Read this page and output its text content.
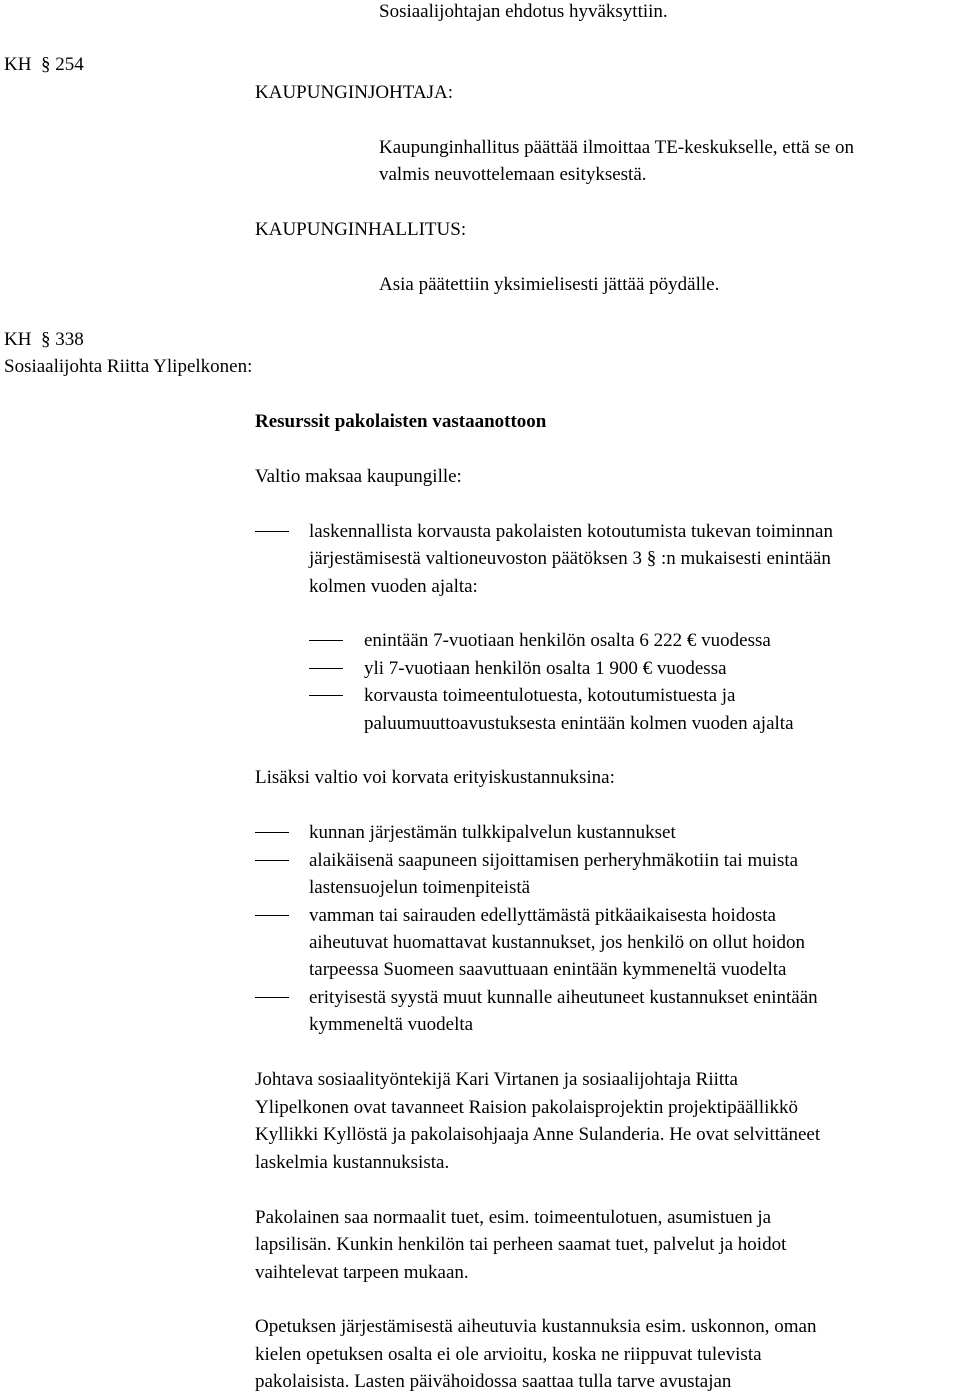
Sosiaalijohtajan ehdotus hyväksyttiin.
KH § 254
KAUPUNGINJOHTAJA:
Kaupunginhallitus päättää ilmoittaa TE-keskukselle, että se on
valmis neuvottelemaan esityksestä.
KAUPUNGINHALLITUS:
Asia päätettiin yksimielisesti jättää pöydälle.
KH § 338
Sosiaalijohta Riitta Ylipelkonen:
Resurssit pakolaisten vastaanottoon
Valtio maksaa kaupungille:
laskennallista korvausta pakolaisten kotoutumista tukevan toiminnan
järjestämisestä valtioneuvoston päätöksen 3 § :n mukaisesti enintään
kolmen vuoden ajalta:
enintään 7-vuotiaan henkilön osalta 6 222 € vuodessa
yli 7-vuotiaan henkilön osalta 1 900 € vuodessa
korvausta toimeentulotuesta, kotoutumistuesta ja
paluumuuttoavustuksesta enintään kolmen vuoden ajalta
Lisäksi valtio voi korvata erityiskustannuksina:
kunnan järjestämän tulkkipalvelun kustannukset
alaikäisenä saapuneen sijoittamisen perheryhmäkotiin tai muista
lastensuojelun toimenpiteistä
vamman tai sairauden edellyttämästä pitkäaikaisesta hoidosta
aiheutuvat huomattavat kustannukset, jos henkilö on ollut hoidon
tarpeessa Suomeen saavuttuaan enintään kymmeneltä vuodelta
erityisestä syystä muut kunnalle aiheutuneet kustannukset enintään
kymmeneltä vuodelta
Johtava sosiaalityöntekijä Kari Virtanen ja sosiaalijohtaja Riitta
Ylipelkonen ovat tavanneet Raision pakolaisprojektin projektipäällikkö
Kyllikki Kyllöstä ja pakolaisohjaaja Anne Sulanderia. He ovat selvittäneet
laskelmia kustannuksista.
Pakolainen saa normaalit tuet, esim. toimeentulotuen, asumistuen ja
lapsilisän. Kunkin henkilön tai perheen saamat tuet, palvelut ja hoidot
vaihtelevat tarpeen mukaan.
Opetuksen järjestämisestä aiheutuvia kustannuksia esim. uskonnon, oman
kielen opetuksen osalta ei ole arvioitu, koska ne riippuvat tulevista
pakolaisista. Lasten päivähoidossa saattaa tulla tarve avustajan
